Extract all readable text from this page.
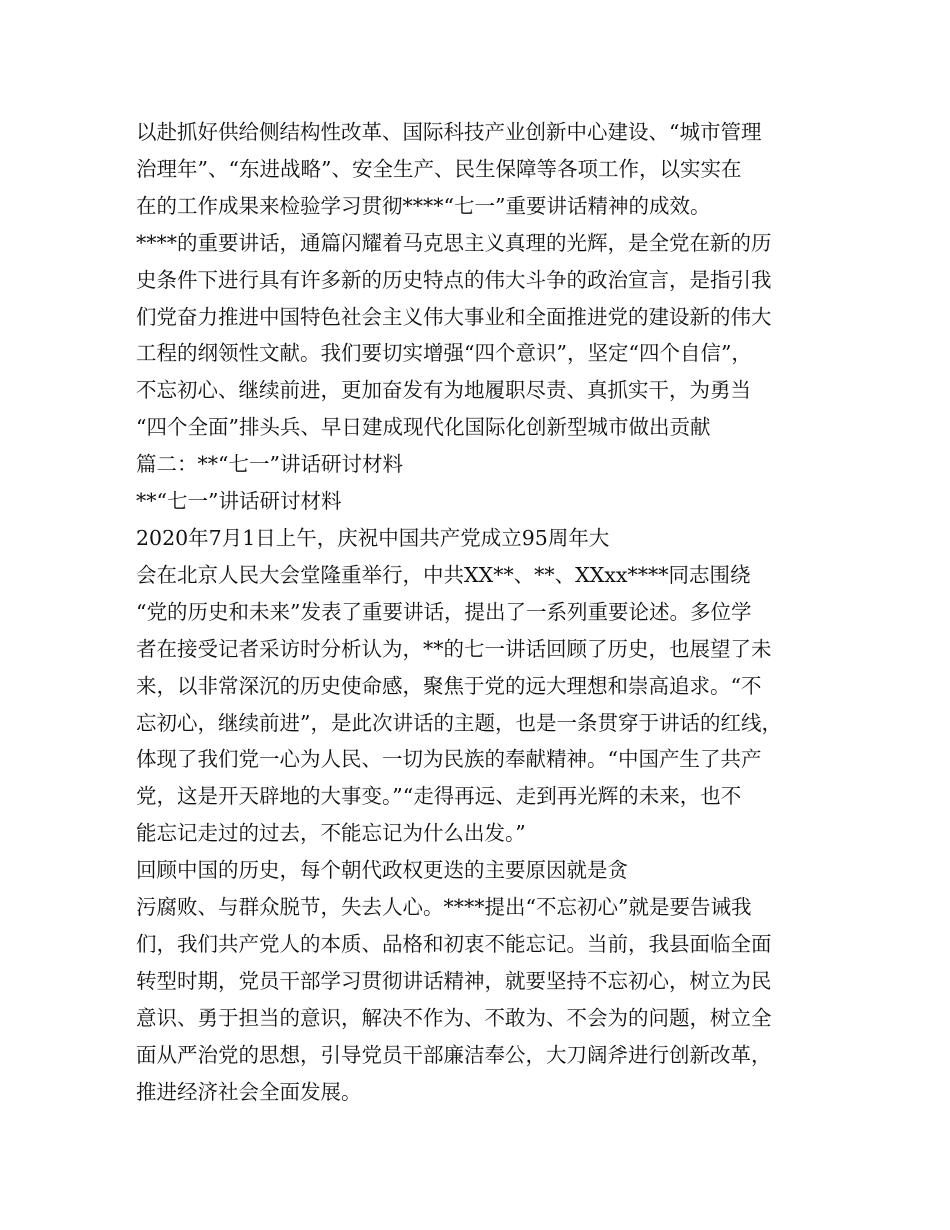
以赴抓好供给侧结构性改革、国际科技产业创新中心建设、“城市管理
治理年”、“东进战略”、安全生产、民生保障等各项工作，以实实在
在的工作成果来检验学习贯彻****“七一”重要讲话精神的成效。
****的重要讲话，通篇闪耀着马克思主义真理的光辉，是全党在新的历
史条件下进行具有许多新的历史特点的伟大斗争的政治宣言，是指引我
们党奋力推进中国特色社会主义伟大事业和全面推进党的建设新的伟大
工程的纲领性文献。我们要切实增强“四个意识”，坚定“四个自信”，
不忘初心、继续前进，更加奋发有为地履职尽责、真抓实干，为勇当
“四个全面”排头兵、早日建成现代化国际化创新型城市做出贡献
篇二：**“七一”讲话研讨材料
**“七一”讲话研讨材料
2020年7月1日上午，庆祝中国共产党成立95周年大
会在北京人民大会堂隆重举行，中共XX**、**、XXxx****同志围绕
“党的历史和未来”发表了重要讲话，提出了一系列重要论述。多位学
者在接受记者采访时分析认为，**的七一讲话回顾了历史，也展望了未
来，以非常深沉的历史使命感，聚焦于党的远大理想和崇高追求。“不
忘初心，继续前进”，是此次讲话的主题，也是一条贯穿于讲话的红线，
体现了我们党一心为人民、一切为民族的奉献精神。“中国产生了共产
党，这是开天辟地的大事变。”“走得再远、走到再光辉的未来，也不
能忘记走过的过去，不能忘记为什么出发。”
回顾中国的历史，每个朝代政权更迭的主要原因就是贪
污腐败、与群众脱节，失去人心。****提出“不忘初心”就是要告诫我
们，我们共产党人的本质、品格和初衷不能忘记。当前，我县面临全面
转型时期，党员干部学习贯彻讲话精神，就要坚持不忘初心，树立为民
意识、勇于担当的意识，解决不作为、不敢为、不会为的问题，树立全
面从严治党的思想，引导党员干部廉洁奉公，大刀阔斧进行创新改革，
推进经济社会全面发展。
